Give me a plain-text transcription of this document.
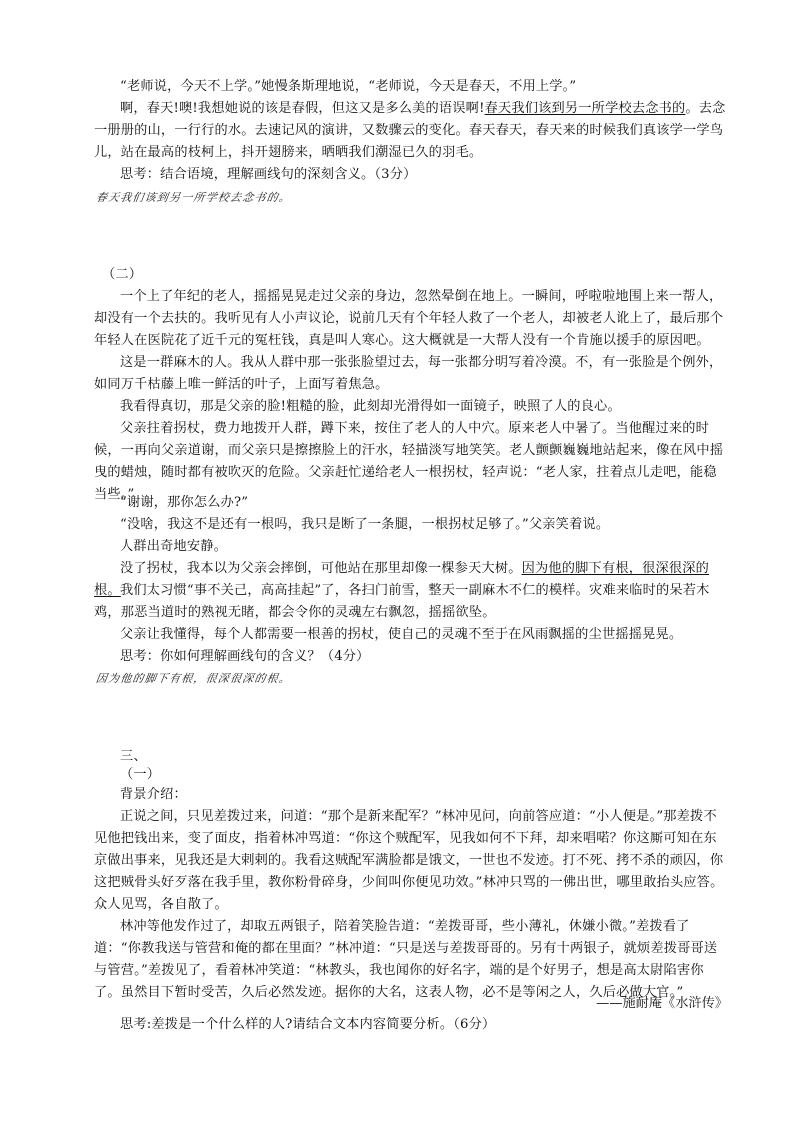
“老师说，今天不上学。”她慢条斯理地说，“老师说，今天是春天，不用上学。”
啊，春天!噢!我想她说的该是春假，但这又是多么美的语误啊!春天我们该到另一所学校去念书的。去念一册册的山，一行行的水。去速记风的演讲，又数骤云的变化。春天春天，春天来的时候我们真该学一学鸟儿，站在最高的枝柯上，抖开翅膀来，晒晒我们潮湿已久的羽毛。
思考：结合语境，理解画线句的深刻含义。（3分）
春天我们该到另一所学校去念书的。
（二）
一个上了年纪的老人，摇摇晃晃走过父亲的身边，忽然晕倒在地上。一瞬间，呼啦啦地围上来一帮人，却没有一个去扶的。我听见有人小声议论，说前几天有个年轻人救了一个老人，却被老人讹上了，最后那个年轻人在医院花了近千元的冤枉钱，真是叫人寒心。这大概就是一大帮人没有一个肯施以援手的原因吧。
这是一群麻木的人。我从人群中那一张张脸望过去，每一张都分明写着冷漠。不，有一张脸是个例外，如同万千枯藤上唯一鲜活的叶子，上面写着焦急。
我看得真切，那是父亲的脸!粗糙的脸，此刻却光滑得如一面镜子，映照了人的良心。
父亲拄着拐杖，费力地拨开人群，蹲下来，按住了老人的人中穴。原来老人中暑了。当他醒过来的时候，一再向父亲道谢，而父亲只是擦擦脸上的汗水，轻描淡写地笑笑。老人颤颤巍巍地站起来，像在风中摇曳的蜡烛，随时都有被吹灭的危险。父亲赶忙递给老人一根拐杖，轻声说：“老人家，拄着点儿走吧，能稳当些。”
“谢谢，那你怎么办?”
“没啥，我这不是还有一根吗，我只是断了一条腿，一根拐杖足够了。”父亲笑着说。
人群出奇地安静。
没了拐杖，我本以为父亲会摔倒，可他站在那里却像一棵参天大树。因为他的脚下有根，很深很深的根。 我们太习惯“事不关己，高高挂起”了，各扫门前雪，整天一副麻木不仁的模样。灾难来临时的呆若木鸡，那恶当道时的熟视无睹，都会令你的灵魂左右飘忽，摇摇欲坠。
父亲让我懂得，每个人都需要一根善的拐杖，使自己的灵魂不至于在风雨飘摇的尘世摇摇晃晃。
思考：你如何理解画线句的含义？（4分）
因为他的脚下有根，很深很深的根。
三、
（一）
背景介绍：
正说之间，只见差拨过来，问道：“那个是新来配军？”林冲见问，向前答应道：“小人便是。”那差拨不见他把钱出来，变了面皮，指着林冲骂道：“你这个贼配军，见我如何不下拜，却来唱喏？你这厮可知在东京做出事来，见我还是大剌剌的。我看这贼配军满脸都是饿文，一世也不发迹。打不死、拷不杀的顽囚，你这把贼骨头好歹落在我手里，教你粉骨碎身，少间叫你便见功效。”林冲只骂的一佛出世，哪里敢抬头应答。众人见骂，各自散了。
林冲等他发作过了，却取五两银子，陪着笑脸告道：“差拨哥哥，些小薄礼，休嫌小微。”差拨看了道：“你教我送与管营和俺的都在里面？”林冲道：“只是送与差拨哥哥的。另有十两银子，就烦差拨哥哥送与管营。”差拨见了，看着林冲笑道：“林教头，我也闻你的好名字，端的是个好男子，想是高太尉陷害你了。虽然目下暂时受苦，久后必然发迹。据你的大名，这表人物，必不是等闲之人，久后必做大官。”
——施耐庵《水浒传》
思考:差拨是一个什么样的人?请结合文本内容简要分析。（6分）
